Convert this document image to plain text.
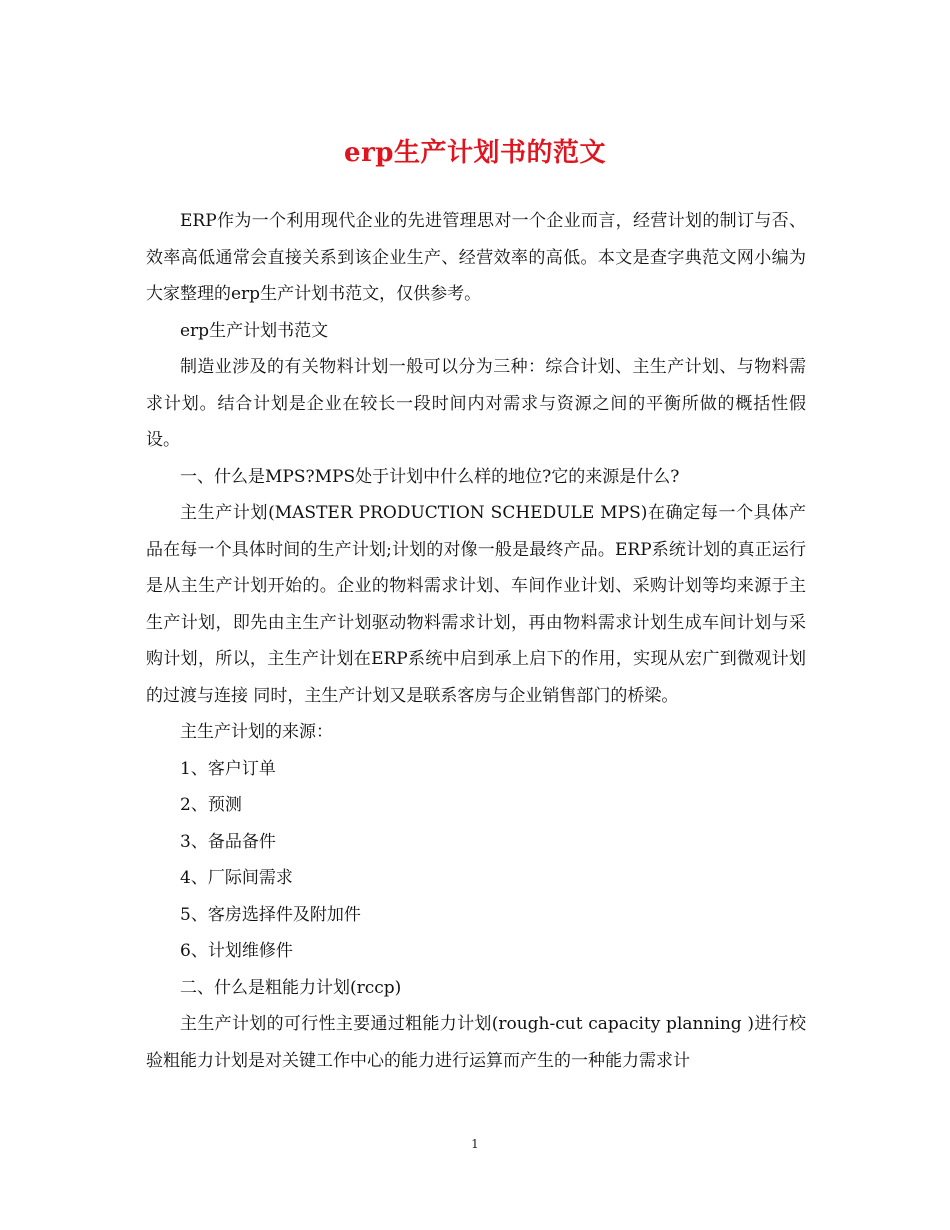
erp生产计划书的范文

ERP作为一个利用现代企业的先进管理思对一个企业而言，经营计划的制订与否、效率高低通常会直接关系到该企业生产、经营效率的高低。本文是查字典范文网小编为大家整理的erp生产计划书范文，仅供参考。

erp生产计划书范文

制造业涉及的有关物料计划一般可以分为三种：综合计划、主生产计划、与物料需求计划。结合计划是企业在较长一段时间内对需求与资源之间的平衡所做的概括性假设。

一、什么是MPS?MPS处于计划中什么样的地位?它的来源是什么?

主生产计划(MASTER PRODUCTION SCHEDULE MPS)在确定每一个具体产品在每一个具体时间的生产计划;计划的对像一般是最终产品。ERP系统计划的真正运行是从主生产计划开始的。企业的物料需求计划、车间作业计划、采购计划等均来源于主生产计划，即先由主生产计划驱动物料需求计划，再由物料需求计划生成车间计划与采购计划，所以，主生产计划在ERP系统中启到承上启下的作用，实现从宏广到微观计划的过渡与连接 同时，主生产计划又是联系客房与企业销售部门的桥梁。

主生产计划的来源：

1、客户订单

2、预测

3、备品备件

4、厂际间需求

5、客房选择件及附加件

6、计划维修件

二、什么是粗能力计划(rccp)

主生产计划的可行性主要通过粗能力计划(rough-cut capacity planning )进行校验粗能力计划是对关键工作中心的能力进行运算而产生的一种能力需求计

1
